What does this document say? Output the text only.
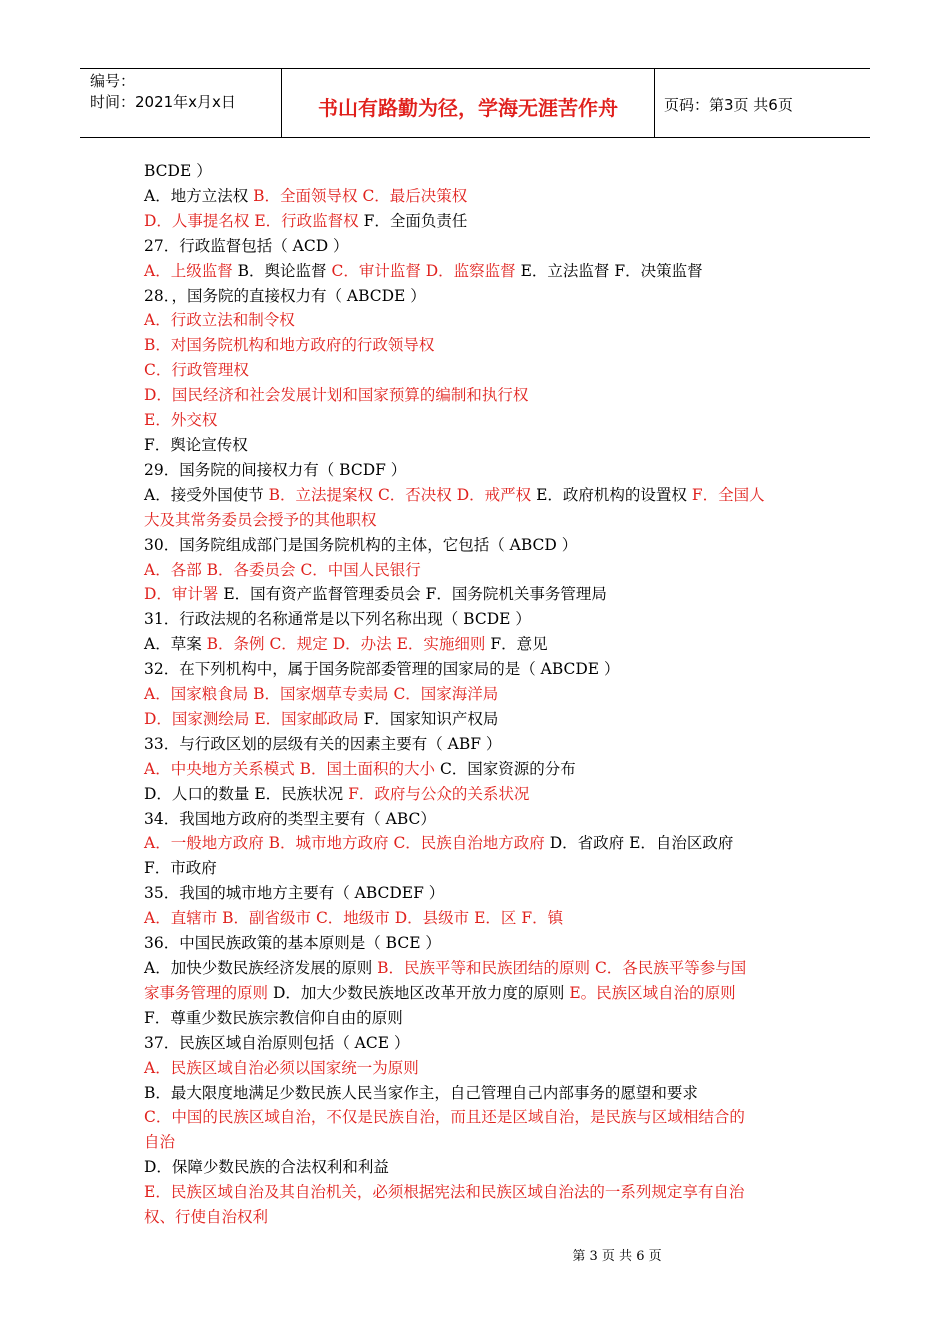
编号：
时间：2021年x月x日	书山有路勤为径，学海无涯苦作舟	页码：第3页 共6页
BCDE ）
A．地方立法权 B．全面领导权 C．最后决策权
D．人事提名权 E．行政监督权 F．全面负责任
27．行政监督包括（ ACD ）
A．上级监督 B．舆论监督 C．审计监督 D．监察监督 E．立法监督 F．决策监督
28．，国务院的直接权力有（ ABCDE ）
A．行政立法和制令权
B．对国务院机构和地方政府的行政领导权
C．行政管理权
D．国民经济和社会发展计划和国家预算的编制和执行权
E．外交权
F．舆论宣传权
29．国务院的间接权力有（ BCDF ）
A．接受外国使节 B．立法提案权 C．否决权 D．戒严权 E．政府机构的设置权 F．全国人
大及其常务委员会授予的其他职权
30．国务院组成部门是国务院机构的主体，它包括（ ABCD ）
A．各部 B．各委员会 C．中国人民银行
D．审计署 E．国有资产监督管理委员会 F．国务院机关事务管理局
31．行政法规的名称通常是以下列名称出现（ BCDE ）
A．草案 B．条例 C．规定 D．办法 E．实施细则 F．意见
32．在下列机构中，属于国务院部委管理的国家局的是（ ABCDE ）
A．国家粮食局 B．国家烟草专卖局 C．国家海洋局
D．国家测绘局 E．国家邮政局 F．国家知识产权局
33．与行政区划的层级有关的因素主要有（ ABF ）
A．中央地方关系模式 B．国土面积的大小 C．国家资源的分布
D．人口的数量 E．民族状况 F．政府与公众的关系状况
34．我国地方政府的类型主要有（ ABC）
A．一般地方政府 B．城市地方政府 C．民族自治地方政府 D．省政府 E．自治区政府
F．市政府
35．我国的城市地方主要有（ ABCDEF ）
A．直辖市 B．副省级市 C．地级市 D．县级市 E．区 F．镇
36．中国民族政策的基本原则是（ BCE ）
A．加快少数民族经济发展的原则 B．民族平等和民族团结的原则 C．各民族平等参与国
家事务管理的原则 D．加大少数民族地区改革开放力度的原则 E。民族区域自治的原则
F．尊重少数民族宗教信仰自由的原则
37．民族区域自治原则包括（ ACE ）
A．民族区域自治必须以国家统一为原则
B．最大限度地满足少数民族人民当家作主，自己管理自己内部事务的愿望和要求
C．中国的民族区域自治，不仅是民族自治，而且还是区域自治，是民族与区域相结合的
自治
D．保障少数民族的合法权利和利益
E．民族区域自治及其自治机关，必须根据宪法和民族区域自治法的一系列规定享有自治
权、行使自治权利
第 3 页 共 6 页
